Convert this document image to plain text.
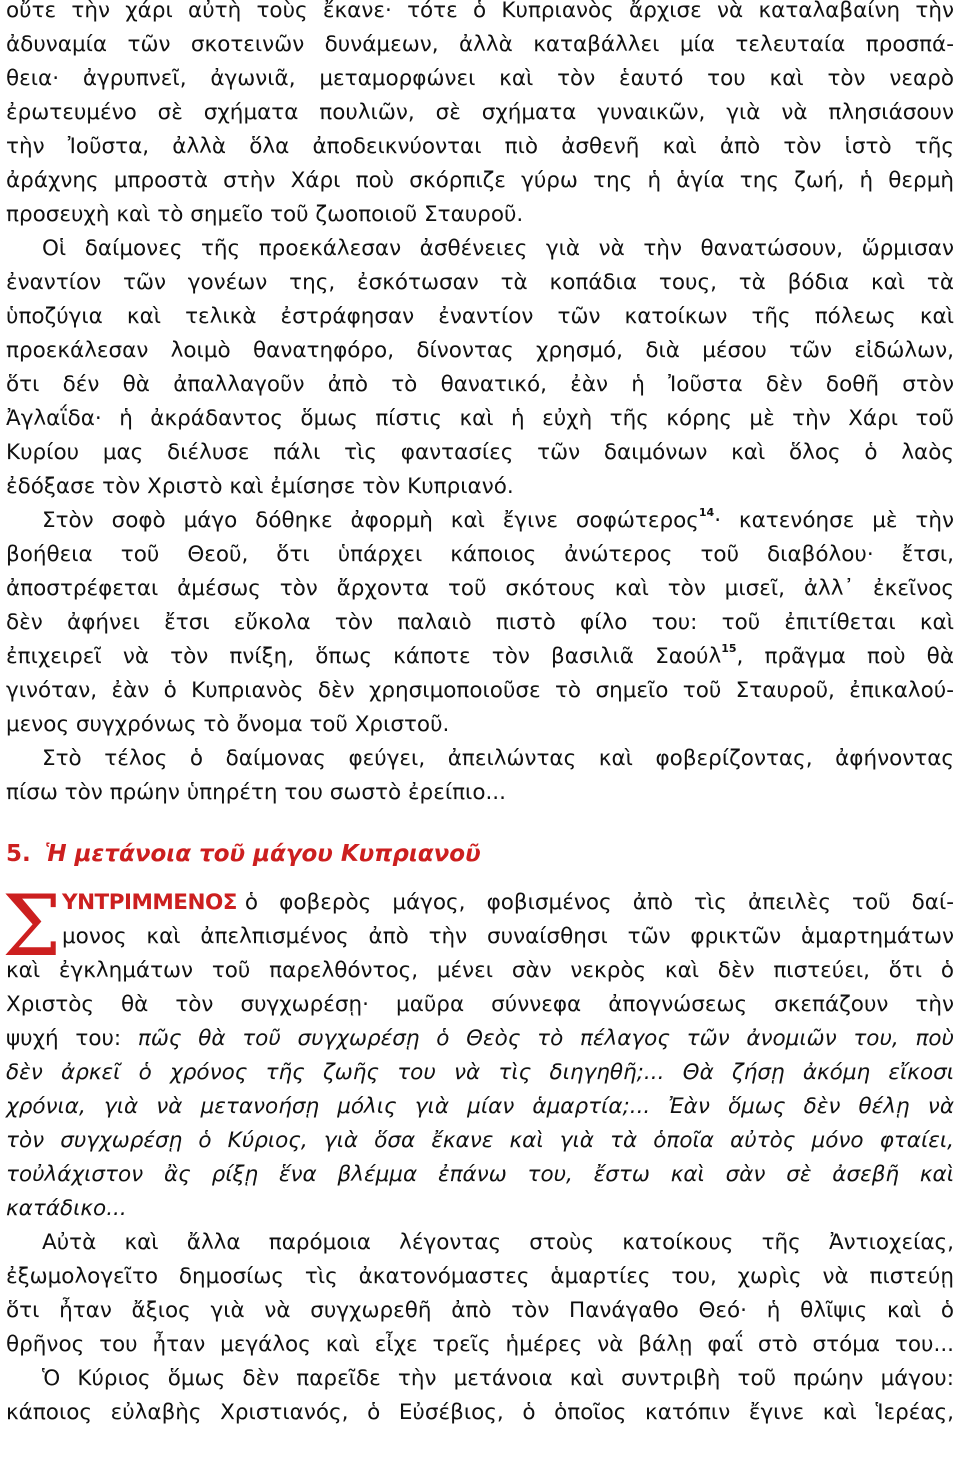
οὔτε τὴν χάρι αὐτὴ τοὺς ἔκανε· τότε ὁ Κυπριανὸς ἄρχισε νὰ καταλαβαίνη τὴν
ἀδυναμία τῶν σκοτεινῶν δυνάμεων, ἀλλὰ καταβάλλει μία τελευταία προσπά-
θεια· ἀγρυπνεῖ, ἀγωνιᾶ, μεταμορφώνει καὶ τὸν ἑαυτό του καὶ τὸν νεαρὸ
ἐρωτευμένο σὲ σχήματα πουλιῶν, σὲ σχήματα γυναικῶν, γιὰ νὰ πλησιάσουν
τὴν Ἰοῦστα, ἀλλὰ ὅλα ἀποδεικνύονται πιὸ ἀσθενῆ καὶ ἀπὸ τὸν ἱστὸ τῆς
ἀράχνης μπροστὰ στὴν Χάρι ποὺ σκόρπιζε γύρω της ἡ ἁγία της ζωή, ἡ θερμὴ
προσευχὴ καὶ τὸ σημεῖο τοῦ ζωοποιοῦ Σταυροῦ.
Οἱ δαίμονες τῆς προεκάλεσαν ἀσθένειες γιὰ νὰ τὴν θανατώσουν, ὥρμισαν
ἐναντίον τῶν γονέων της, ἐσκότωσαν τὰ κοπάδια τους, τὰ βόδια καὶ τὰ
ὑποζύγια καὶ τελικὰ ἐστράφησαν ἐναντίον τῶν κατοίκων τῆς πόλεως καὶ
προεκάλεσαν λοιμὸ θανατηφόρο, δίνοντας χρησμό, διὰ μέσου τῶν εἰδώλων,
ὅτι δέν θὰ ἀπαλλαγοῦν ἀπὸ τὸ θανατικό, ἐὰν ἡ Ἰοῦστα δὲν δοθῆ στὸν
Ἀγλαΐδα· ἡ ἀκράδαντος ὅμως πίστις καὶ ἡ εὐχὴ τῆς κόρης μὲ τὴν Χάρι τοῦ
Κυρίου μας διέλυσε πάλι τὶς φαντασίες τῶν δαιμόνων καὶ ὅλος ὁ λαὸς
ἐδόξασε τὸν Χριστὸ καὶ ἐμίσησε τὸν Κυπριανό.
Στὸν σοφὸ μάγο δόθηκε ἀφορμὴ καὶ ἔγινε σοφώτερος$^{14}$· κατενόησε μὲ τὴν
βοήθεια τοῦ Θεοῦ, ὅτι ὑπάρχει κάποιος ἀνώτερος τοῦ διαβόλου· ἔτσι,
ἀποστρέφεται ἀμέσως τὸν ἄρχοντα τοῦ σκότους καὶ τὸν μισεῖ, ἀλλ᾿ ἐκεῖνος
δὲν ἀφήνει ἔτσι εὔκολα τὸν παλαιὸ πιστὸ φίλο του: τοῦ ἐπιτίθεται καὶ
ἐπιχειρεῖ νὰ τὸν πνίξη, ὅπως κάποτε τὸν βασιλιᾶ Σαούλ$^{15}$, πρᾶγμα ποὺ θὰ
γινόταν, ἐὰν ὁ Κυπριανὸς δὲν χρησιμοποιοῦσε τὸ σημεῖο τοῦ Σταυροῦ, ἐπικαλού-
μενος συγχρόνως τὸ ὄνομα τοῦ Χριστοῦ.
Στὸ τέλος ὁ δαίμονας φεύγει, ἀπειλώντας καὶ φοβερίζοντας, ἀφήνοντας
πίσω τὸν πρώην ὑπηρέτη του σωστὸ ἐρείπιο...
5. Ἡ μετάνοια τοῦ μάγου Κυπριανοῦ
Σ ΥΝΤΡΙΜΜΕΝΟΣ ὁ φοβερὸς μάγος, φοβισμένος ἀπὸ τὶς ἀπειλὲς τοῦ δαί-
μονος καὶ ἀπελπισμένος ἀπὸ τὴν συναίσθησι τῶν φρικτῶν ἁμαρτημάτων
καὶ ἐγκλημάτων τοῦ παρελθόντος, μένει σὰν νεκρὸς καὶ δὲν πιστεύει, ὅτι ὁ
Χριστὸς θὰ τὸν συγχωρέσῃ· μαῦρα σύννεφα ἀπογνώσεως σκεπάζουν τὴν
ψυχή του: πῶς θὰ τοῦ συγχωρέσῃ ὁ Θεὸς τὸ πέλαγος τῶν ἀνομιῶν του, ποὺ
δὲν ἀρκεῖ ὁ χρόνος τῆς ζωῆς του νὰ τὶς διηγηθῆ;... Θὰ ζήσῃ ἀκόμη εἴκοσι
χρόνια, γιὰ νὰ μετανοήσῃ μόλις γιὰ μίαν ἁμαρτία;... Ἐὰν ὅμως δὲν θέλῃ νὰ
τὸν συγχωρέσῃ ὁ Κύριος, γιὰ ὅσα ἔκανε καὶ γιὰ τὰ ὁποῖα αὐτὸς μόνο φταίει,
τοὐλάχιστον ἂς ρίξῃ ἕνα βλέμμα ἐπάνω του, ἔστω καὶ σὰν σὲ ἀσεβῆ καὶ
κατάδικο...
Αὐτὰ καὶ ἄλλα παρόμοια λέγοντας στοὺς κατοίκους τῆς Ἀντιοχείας,
ἐξωμολογεῖτο δημοσίως τὶς ἀκατονόμαστες ἁμαρτίες του, χωρὶς νὰ πιστεύῃ
ὅτι ἦταν ἄξιος γιὰ νὰ συγχωρεθῆ ἀπὸ τὸν Πανάγαθο Θεό· ἡ θλῖψις καὶ ὁ
θρῆνος του ἦταν μεγάλος καὶ εἶχε τρεῖς ἡμέρες νὰ βάλῃ φαΐ στὸ στόμα του...
Ὁ Κύριος ὅμως δὲν παρεῖδε τὴν μετάνοια καὶ συντριβὴ τοῦ πρώην μάγου:
κάποιος εὐλαβὴς Χριστιανός, ὁ Εὐσέβιος, ὁ ὁποῖος κατόπιν ἔγινε καὶ Ἱερέας,
